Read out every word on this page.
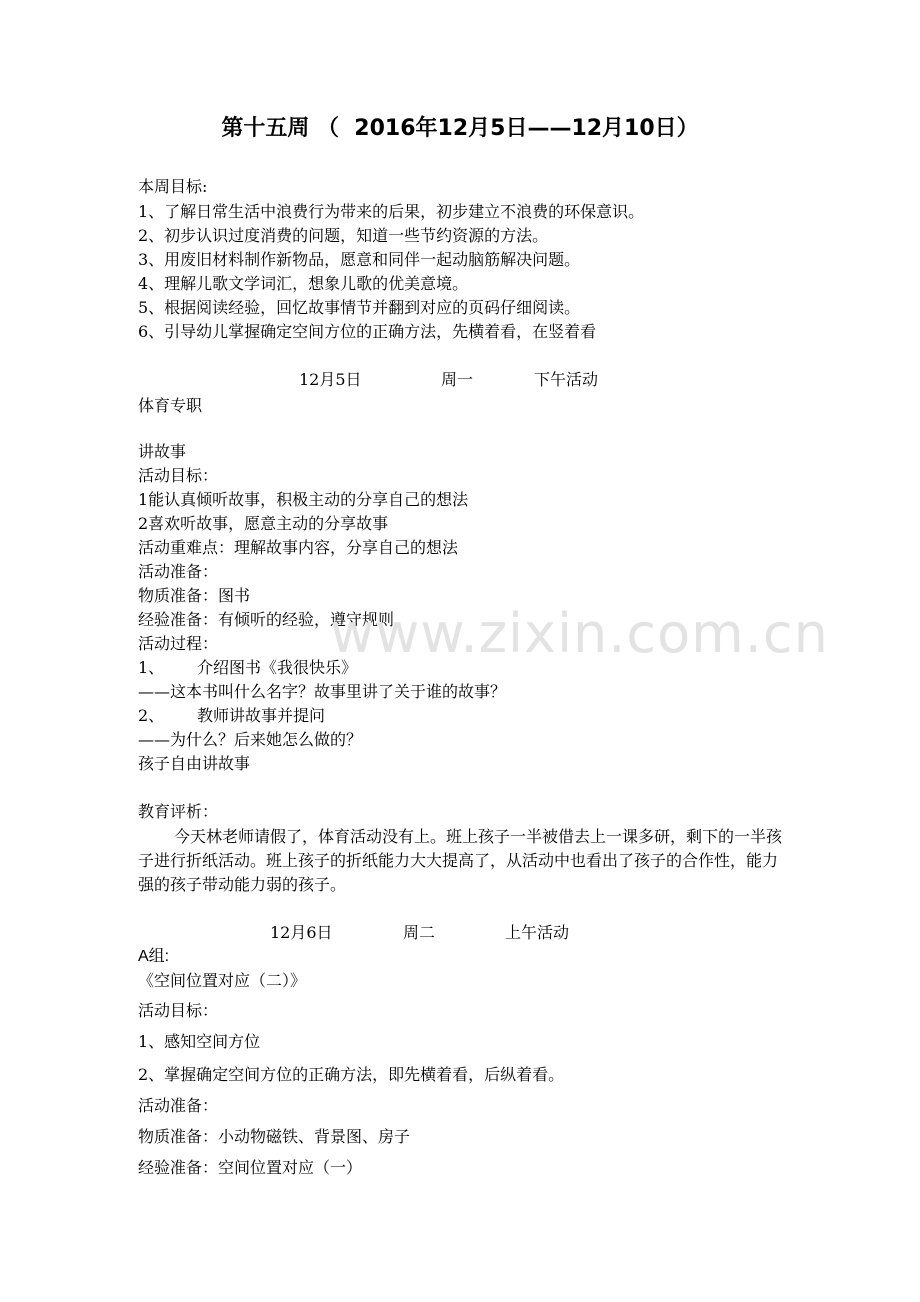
第十五周 （  2016年12月5日——12月10日）
本周目标:
1、了解日常生活中浪费行为带来的后果，初步建立不浪费的环保意识。
2、初步认识过度消费的问题，知道一些节约资源的方法。
3、用废旧材料制作新物品，愿意和同伴一起动脑筋解决问题。
4、理解儿歌文学词汇，想象儿歌的优美意境。
5、根据阅读经验，回忆故事情节并翻到对应的页码仔细阅读。
6、引导幼儿掌握确定空间方位的正确方法，先横着看，在竖着看
12月5日	周一	下午活动
体育专职
讲故事
活动目标：
1能认真倾听故事，积极主动的分享自己的想法
2喜欢听故事，愿意主动的分享故事
活动重难点：理解故事内容，分享自己的想法
活动准备：
物质准备：图书
经验准备：有倾听的经验，遵守规则
活动过程：
1、 介绍图书《我很快乐》
——这本书叫什么名字？故事里讲了关于谁的故事？
2、 教师讲故事并提问
——为什么？后来她怎么做的？
孩子自由讲故事
教育评析：
今天林老师请假了，体育活动没有上。班上孩子一半被借去上一课多研，剩下的一半孩子进行折纸活动。班上孩子的折纸能力大大提高了，从活动中也看出了孩子的合作性，能力强的孩子带动能力弱的孩子。
12月6日	周二	上午活动
A组:
《空间位置对应（二）》
活动目标：
1、感知空间方位
2、掌握确定空间方位的正确方法，即先横着看，后纵着看。
活动准备：
物质准备：小动物磁铁、背景图、房子
经验准备：空间位置对应（一）
www.zixin.com.cn
